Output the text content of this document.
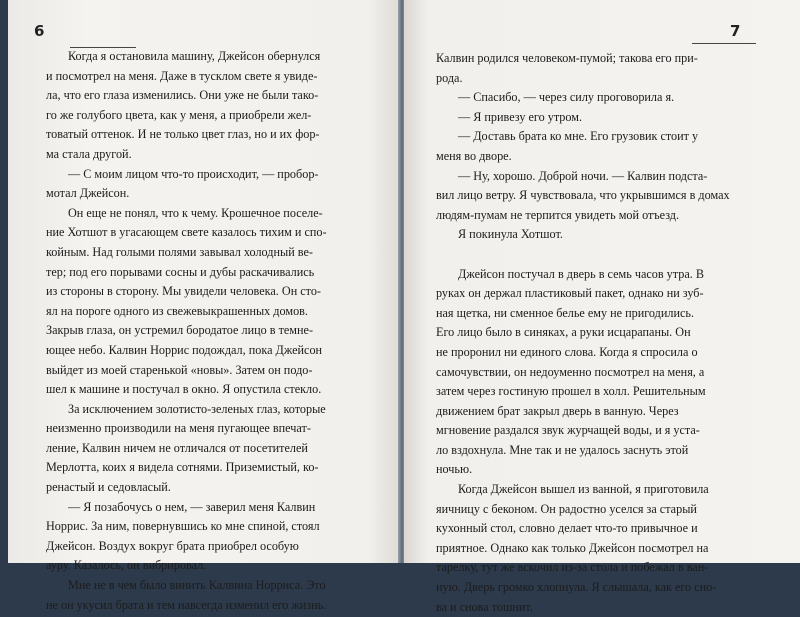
6

Когда я остановила машину, Джейсон обернулся

и посмотрел на меня. Даже в тусклом свете я увиде-

ла, что его глаза изменились. Они уже не были тако-

го же голубого цвета, как у меня, а приобрели жел-

товатый оттенок. И не только цвет глаз, но и их фор-

ма стала другой.

— С моим лицом что-то происходит, — пробор-

мотал Джейсон.

Он еще не понял, что к чему. Крошечное поселе-

ние Хотшот в угасающем свете казалось тихим и спо-

койным. Над голыми полями завывал холодный ве-

тер; под его порывами сосны и дубы раскачивались

из стороны в сторону. Мы увидели человека. Он сто-

ял на пороге одного из свежевыкрашенных домов.

Закрыв глаза, он устремил бородатое лицо в темне-

ющее небо. Калвин Норрис подождал, пока Джейсон

выйдет из моей старенькой «новы». Затем он подо-

шел к машине и постучал в окно. Я опустила стекло.

За исключением золотисто-зеленых глаз, которые

неизменно производили на меня пугающее впечат-

ление, Калвин ничем не отличался от посетителей

Мерлотта, коих я видела сотнями. Приземистый, ко-

ренастый и седовласый.

— Я позабочусь о нем, — заверил меня Калвин

Норрис. За ним, повернувшись ко мне спиной, стоял

Джейсон. Воздух вокруг брата приобрел особую

ауру. Казалось, он вибрировал.

Мне не в чем было винить Калвина Норриса. Это

не он укусил брата и тем навсегда изменил его жизнь.

7

Калвин родился человеком-пумой; такова его при-

рода.

— Спасибо, — через силу проговорила я.

— Я привезу его утром.

— Доставь брата ко мне. Его грузовик стоит у

меня во дворе.

— Ну, хорошо. Доброй ночи. — Калвин подста-

вил лицо ветру. Я чувствовала, что укрывшимся в домах

людям-пумам не терпится увидеть мой отъезд.

Я покинула Хотшот.

Джейсон постучал в дверь в семь часов утра. В

руках он держал пластиковый пакет, однако ни зуб-

ная щетка, ни сменное белье ему не пригодились.

Его лицо было в синяках, а руки исцарапаны. Он

не проронил ни единого слова. Когда я спросила о

самочувствии, он недоуменно посмотрел на меня, а

затем через гостиную прошел в холл. Решительным

движением брат закрыл дверь в ванную. Через

мгновение раздался звук журчащей воды, и я уста-

ло вздохнула. Мне так и не удалось заснуть этой

ночью.

Когда Джейсон вышел из ванной, я приготовила

яичницу с беконом. Он радостно уселся за старый

кухонный стол, словно делает что-то привычное и

приятное. Однако как только Джейсон посмотрел на

тарелку, тут же вскочил из-за стола и побежал в ван-

ную. Дверь громко хлопнула. Я слышала, как его сно-

ва и снова тошнит.
